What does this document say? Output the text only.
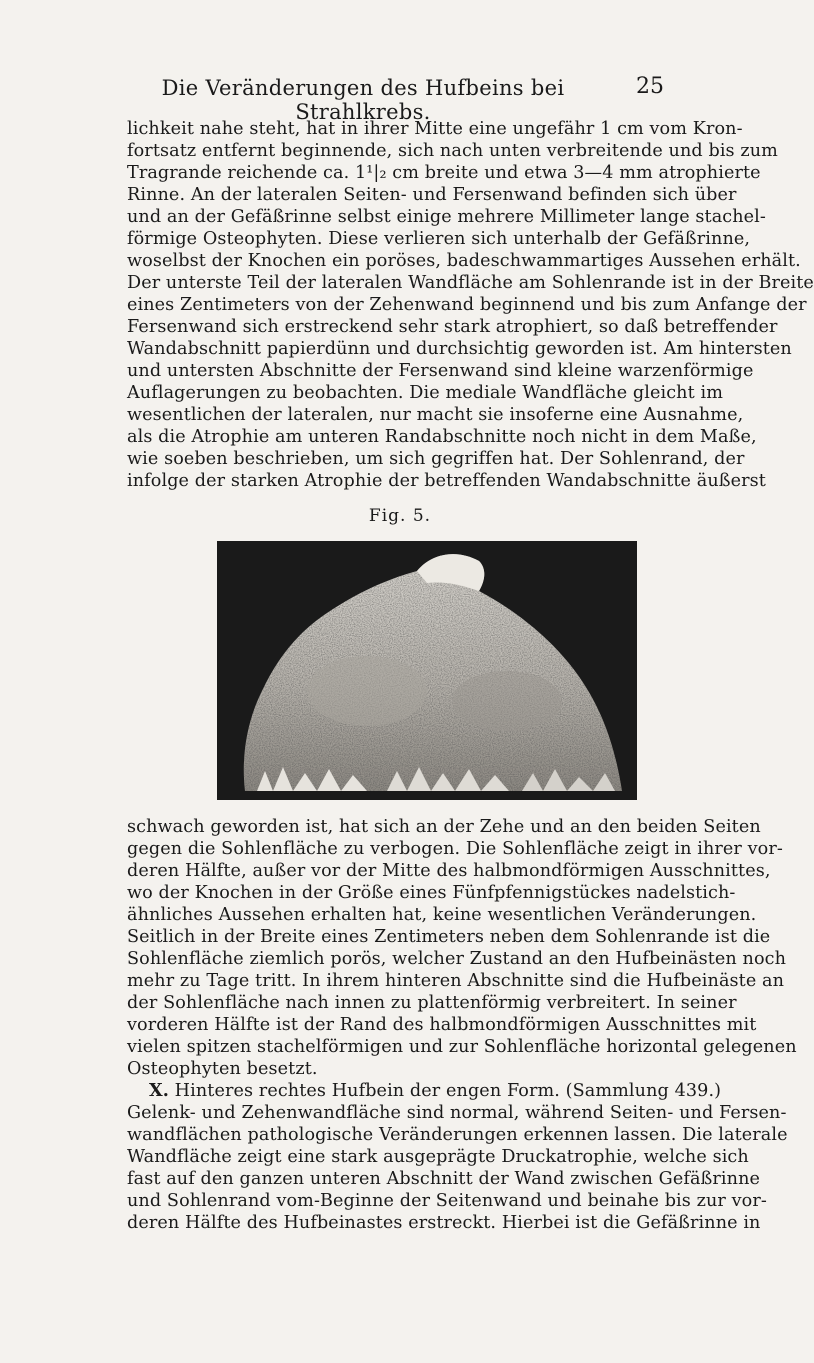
Die Veränderungen des Hufbeins bei Strahlkrebs.
25
lichkeit nahe steht, hat in ihrer Mitte eine ungefähr 1 cm vom Kron-
fortsatz entfernt beginnende, sich nach unten verbreitende und bis zum
Tragrande reichende ca. 1¹|₂ cm breite und etwa 3—4 mm atrophierte
Rinne. An der lateralen Seiten- und Fersenwand befinden sich über
und an der Gefäßrinne selbst einige mehrere Millimeter lange stachel-
förmige Osteophyten. Diese verlieren sich unterhalb der Gefäßrinne,
woselbst der Knochen ein poröses, badeschwammartiges Aussehen erhält.
Der unterste Teil der lateralen Wandfläche am Sohlenrande ist in der Breite
eines Zentimeters von der Zehenwand beginnend und bis zum Anfange der
Fersenwand sich erstreckend sehr stark atrophiert, so daß betreffender
Wandabschnitt papierdünn und durchsichtig geworden ist. Am hintersten
und untersten Abschnitte der Fersenwand sind kleine warzenförmige
Auflagerungen zu beobachten. Die mediale Wandfläche gleicht im
wesentlichen der lateralen, nur macht sie insoferne eine Ausnahme,
als die Atrophie am unteren Randabschnitte noch nicht in dem Maße,
wie soeben beschrieben, um sich gegriffen hat. Der Sohlenrand, der
infolge der starken Atrophie der betreffenden Wandabschnitte äußerst
Fig. 5.
schwach geworden ist, hat sich an der Zehe und an den beiden Seiten
gegen die Sohlenfläche zu verbogen. Die Sohlenfläche zeigt in ihrer vor-
deren Hälfte, außer vor der Mitte des halbmondförmigen Ausschnittes,
wo der Knochen in der Größe eines Fünfpfennigstückes nadelstich-
ähnliches Aussehen erhalten hat, keine wesentlichen Veränderungen.
Seitlich in der Breite eines Zentimeters neben dem Sohlenrande ist die
Sohlenfläche ziemlich porös, welcher Zustand an den Hufbeinästen noch
mehr zu Tage tritt. In ihrem hinteren Abschnitte sind die Hufbeinäste an
der Sohlenfläche nach innen zu plattenförmig verbreitert. In seiner
vorderen Hälfte ist der Rand des halbmondförmigen Ausschnittes mit
vielen spitzen stachelförmigen und zur Sohlenfläche horizontal gelegenen
Osteophyten besetzt.
X. Hinteres rechtes Hufbein der engen Form. (Sammlung 439.)
Gelenk- und Zehenwandfläche sind normal, während Seiten- und Fersen-
wandflächen pathologische Veränderungen erkennen lassen. Die laterale
Wandfläche zeigt eine stark ausgeprägte Druckatrophie, welche sich
fast auf den ganzen unteren Abschnitt der Wand zwischen Gefäßrinne
und Sohlenrand vom-Beginne der Seitenwand und beinahe bis zur vor-
deren Hälfte des Hufbeinastes erstreckt. Hierbei ist die Gefäßrinne in
